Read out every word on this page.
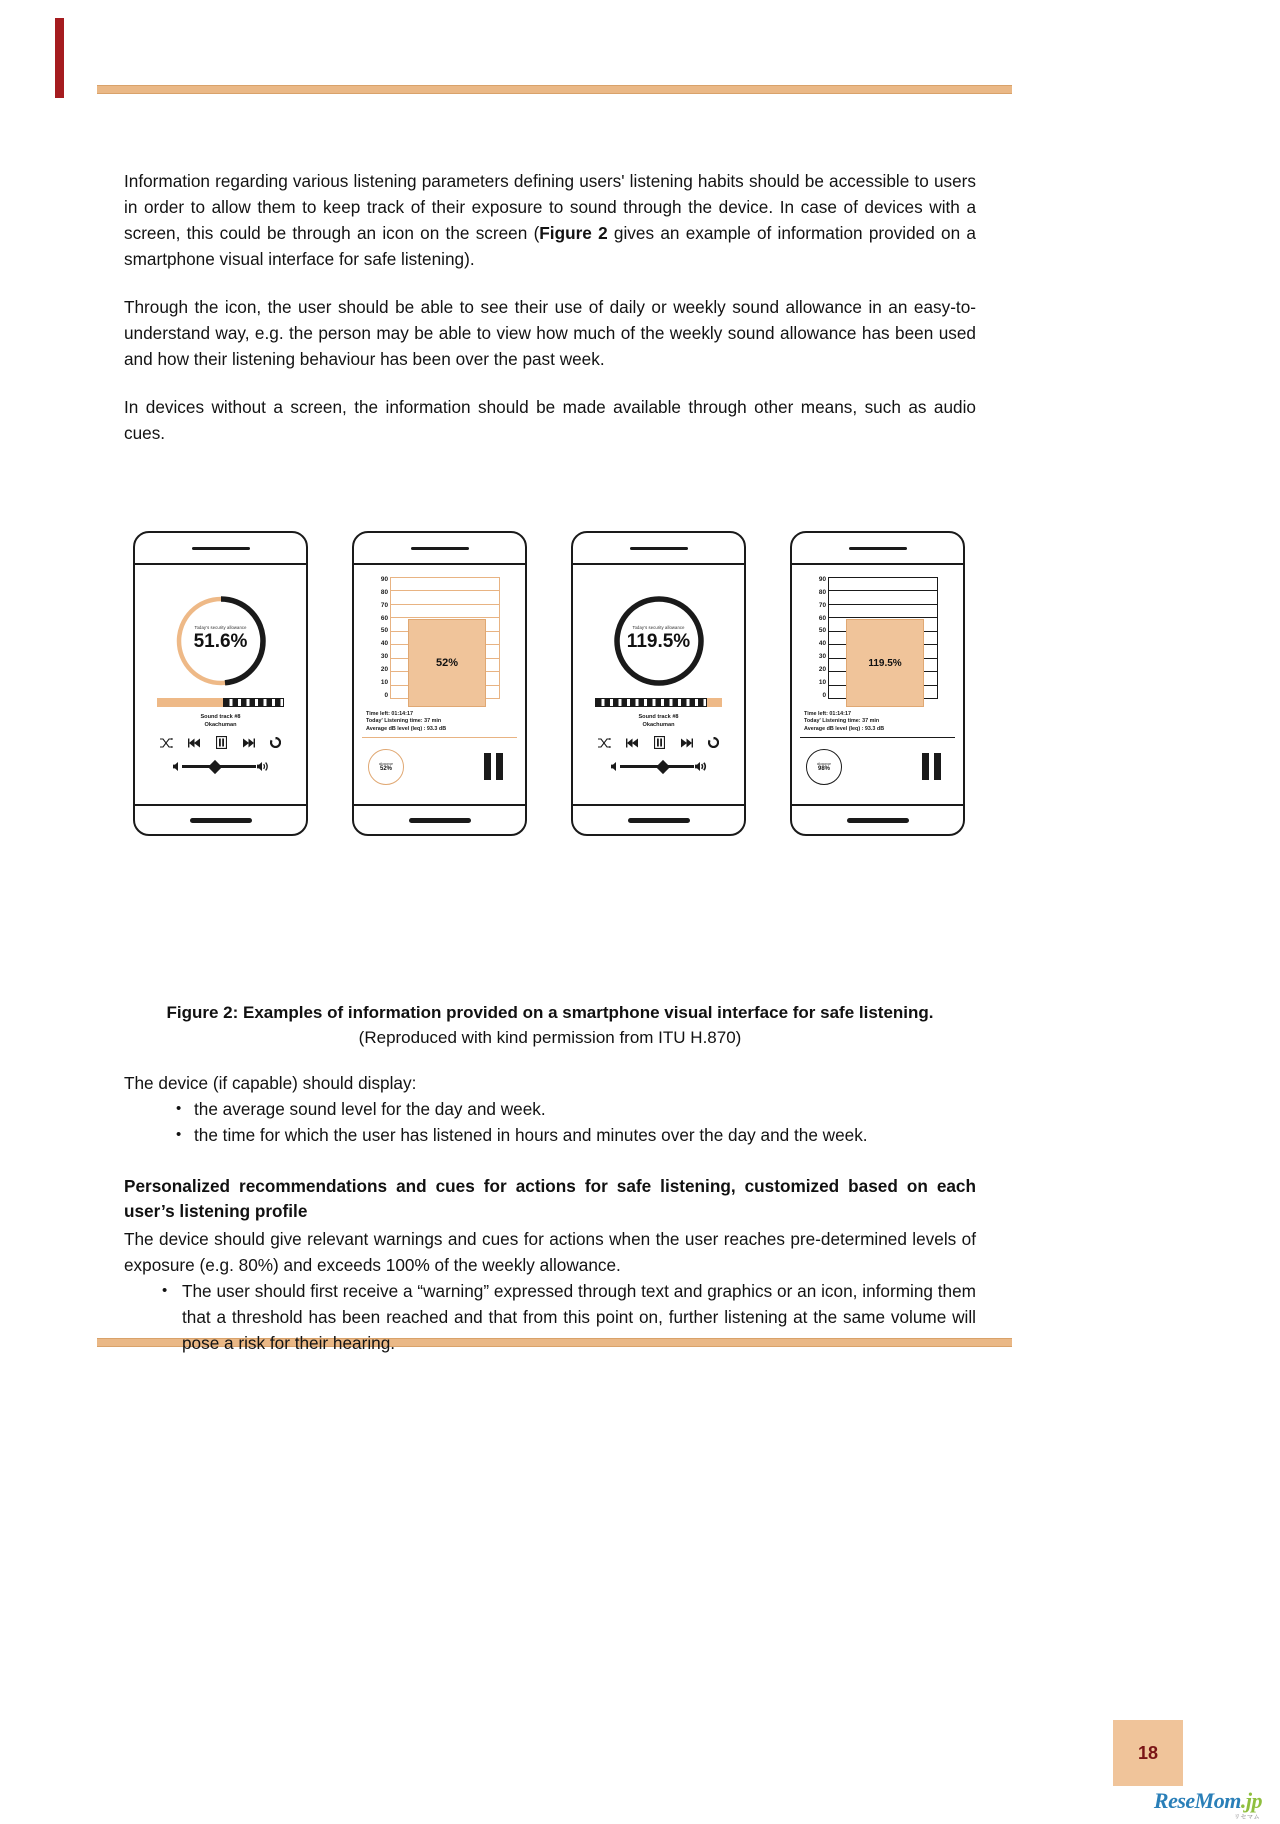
Information regarding various listening parameters defining users' listening habits should be accessible to users in order to allow them to keep track of their exposure to sound through the device. In case of devices with a screen, this could be through an icon on the screen (Figure 2 gives an example of information provided on a smartphone visual interface for safe listening).

Through the icon, the user should be able to see their use of daily or weekly sound allowance in an easy-to-understand way, e.g. the person may be able to view how much of the weekly sound allowance has been used and how their listening behaviour has been over the past week.

In devices without a screen, the information should be made available through other means, such as audio cues.

Today’s security allowance
51.6%
Sound track #8
Okachuman
90
80
70
60
50
40
30
20
10
0
52%
Time left: 01:14:17
Today' Listening time: 37 min
Average dB level (leq) : 93.3 dB
allowance
52%
Today’s security allowance
119.5%
Sound track #8
Okachuman
90
80
70
60
50
40
30
20
10
0
119.5%
Time left: 01:14:17
Today' Listening time: 37 min
Average dB level (leq) : 93.3 dB
allowance
98%
Figure 2: Examples of information provided on a smartphone visual interface for safe listening. (Reproduced with kind permission from ITU H.870)

The device (if capable) should display:

• the average sound level for the day and week.
• the time for which the user has listened in hours and minutes over the day and the week.
Personalized recommendations and cues for actions for safe listening, customized based on each user’s listening profile

The device should give relevant warnings and cues for actions when the user reaches pre-determined levels of exposure (e.g. 80%) and exceeds 100% of the weekly allowance.

• The user should first receive a “warning” expressed through text and graphics or an icon, informing them that a threshold has been reached and that from this point on, further listening at the same volume will pose a risk for their hearing.
18
ReseMom.jp
リセマム
